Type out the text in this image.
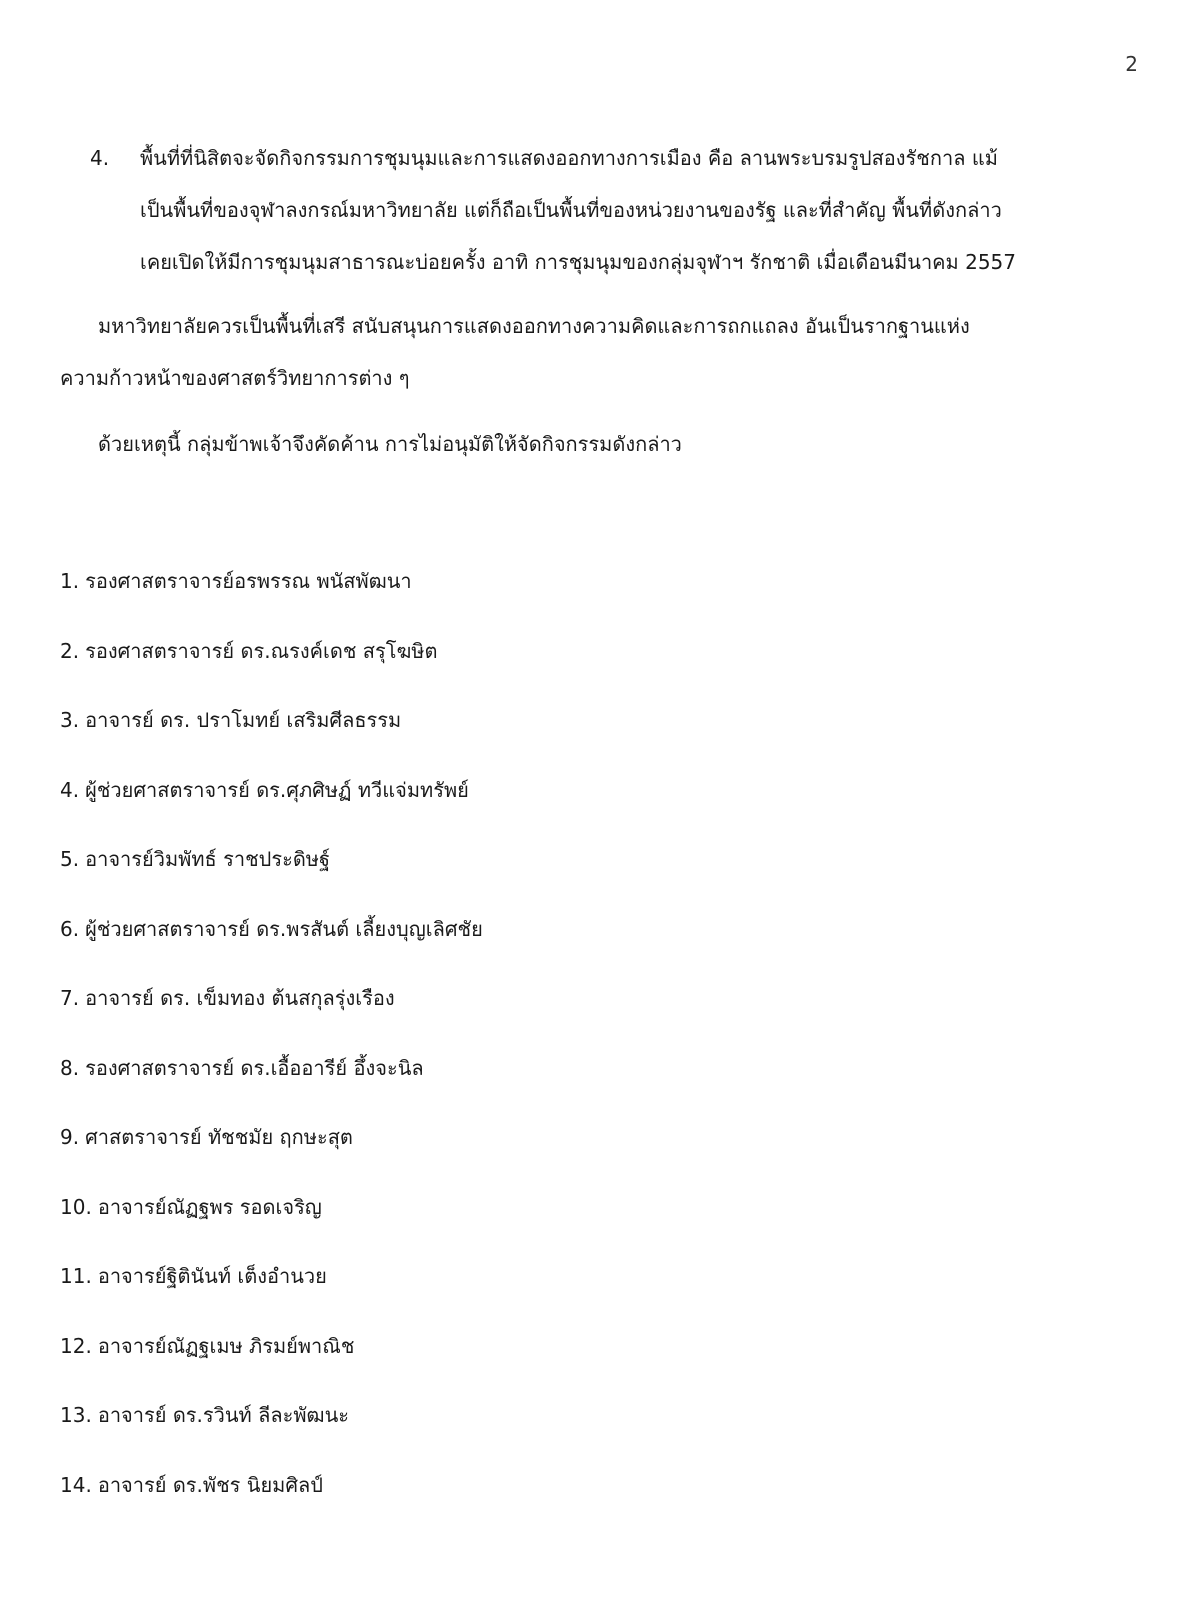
2
4.	พื้นที่ที่นิสิตจะจัดกิจกรรมการชุมนุมและการแสดงออกทางการเมือง คือ ลานพระบรมรูปสองรัชกาล แม้
เป็นพื้นที่ของจุฬาลงกรณ์มหาวิทยาลัย แต่ก็ถือเป็นพื้นที่ของหน่วยงานของรัฐ และที่สำคัญ พื้นที่ดังกล่าว
เคยเปิดให้มีการชุมนุมสาธารณะบ่อยครั้ง อาทิ การชุมนุมของกลุ่มจุฬาฯ รักชาติ เมื่อเดือนมีนาคม 2557
มหาวิทยาลัยควรเป็นพื้นที่เสรี สนับสนุนการแสดงออกทางความคิดและการถกแถลง อันเป็นรากฐานแห่ง
ความก้าวหน้าของศาสตร์วิทยาการต่าง ๆ
ด้วยเหตุนี้ กลุ่มข้าพเจ้าจึงคัดค้าน การไม่อนุมัติให้จัดกิจกรรมดังกล่าว
1. รองศาสตราจารย์อรพรรณ พนัสพัฒนา
2. รองศาสตราจารย์ ดร.ณรงค์เดช สรุโฆษิต
3. อาจารย์ ดร. ปราโมทย์ เสริมศีลธรรม
4. ผู้ช่วยศาสตราจารย์ ดร.ศุภศิษฏ์ ทวีแจ่มทรัพย์
5. อาจารย์วิมพัทธ์ ราชประดิษฐ์
6. ผู้ช่วยศาสตราจารย์ ดร.พรสันต์ เลี้ยงบุญเลิศชัย
7. อาจารย์ ดร. เข็มทอง ต้นสกุลรุ่งเรือง
8. รองศาสตราจารย์ ดร.เอื้ออารีย์ อึ้งจะนิล
9. ศาสตราจารย์ ทัชชมัย ฤกษะสุต
10. อาจารย์ณัฏฐพร รอดเจริญ
11. อาจารย์ฐิตินันท์ เต็งอำนวย
12. อาจารย์ณัฏฐเมษ ภิรมย์พาณิช
13. อาจารย์ ดร.รวินท์ ลีละพัฒนะ
14. อาจารย์ ดร.พัชร นิยมศิลป์
